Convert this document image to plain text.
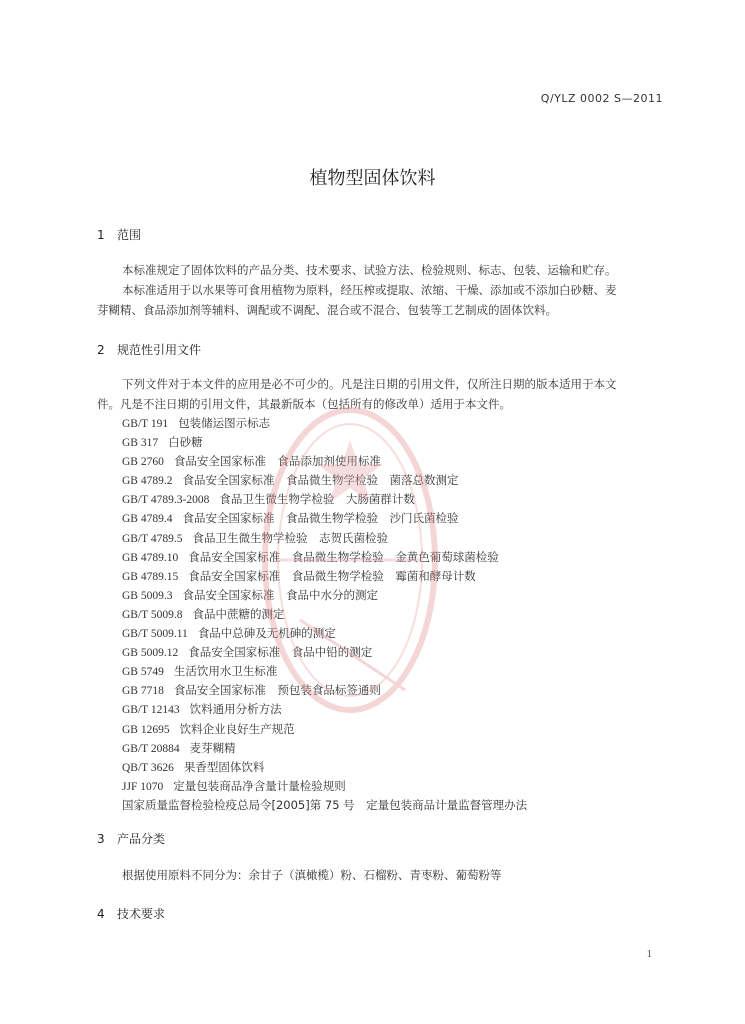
Q/YLZ 0002 S—2011
植物型固体饮料
1 范围
本标准规定了固体饮料的产品分类、技术要求、试验方法、检验规则、标志、包装、运输和贮存。
本标准适用于以水果等可食用植物为原料，经压榨或提取、浓缩、干燥、添加或不添加白砂糖、麦
芽糊精、食品添加剂等辅料、调配或不调配、混合或不混合、包装等工艺制成的固体饮料。
2 规范性引用文件
下列文件对于本文件的应用是必不可少的。凡是注日期的引用文件，仅所注日期的版本适用于本文
件。凡是不注日期的引用文件，其最新版本（包括所有的修改单）适用于本文件。
GB/T 191 包装储运图示标志
GB 317 白砂糖
GB 2760 食品安全国家标准　食品添加剂使用标准
GB 4789.2 食品安全国家标准　食品微生物学检验　菌落总数测定
GB/T 4789.3-2008 食品卫生微生物学检验　大肠菌群计数
GB 4789.4 食品安全国家标准　食品微生物学检验　沙门氏菌检验
GB/T 4789.5 食品卫生微生物学检验　志贺氏菌检验
GB 4789.10 食品安全国家标准　食品微生物学检验　金黄色葡萄球菌检验
GB 4789.15 食品安全国家标准　食品微生物学检验　霉菌和酵母计数
GB 5009.3 食品安全国家标准　食品中水分的测定
GB/T 5009.8 食品中蔗糖的测定
GB/T 5009.11 食品中总砷及无机砷的测定
GB 5009.12 食品安全国家标准　食品中铅的测定
GB 5749 生活饮用水卫生标准
GB 7718 食品安全国家标准　预包装食品标签通则
GB/T 12143 饮料通用分析方法
GB 12695 饮料企业良好生产规范
GB/T 20884 麦芽糊精
QB/T 3626 果香型固体饮料
JJF 1070 定量包装商品净含量计量检验规则
国家质量监督检验检疫总局令[2005]第 75 号　定量包装商品计量监督管理办法
3 产品分类
根据使用原料不同分为：余甘子（滇橄榄）粉、石榴粉、青枣粉、葡萄粉等
4 技术要求
1
